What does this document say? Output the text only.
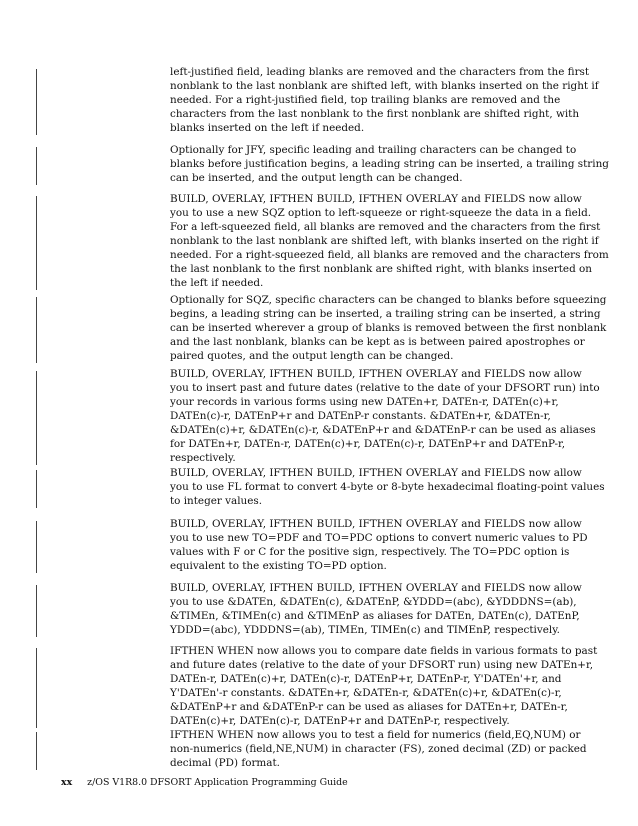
left-justified field, leading blanks are removed and the characters from the first
nonblank to the last nonblank are shifted left, with blanks inserted on the right if
needed. For a right-justified field, top trailing blanks are removed and the
characters from the last nonblank to the first nonblank are shifted right, with
blanks inserted on the left if needed.
Optionally for JFY, specific leading and trailing characters can be changed to
blanks before justification begins, a leading string can be inserted, a trailing string
can be inserted, and the output length can be changed.
BUILD, OVERLAY, IFTHEN BUILD, IFTHEN OVERLAY and FIELDS now allow
you to use a new SQZ option to left-squeeze or right-squeeze the data in a field.
For a left-squeezed field, all blanks are removed and the characters from the first
nonblank to the last nonblank are shifted left, with blanks inserted on the right if
needed. For a right-squeezed field, all blanks are removed and the characters from
the last nonblank to the first nonblank are shifted right, with blanks inserted on
the left if needed.
Optionally for SQZ, specific characters can be changed to blanks before squeezing
begins, a leading string can be inserted, a trailing string can be inserted, a string
can be inserted wherever a group of blanks is removed between the first nonblank
and the last nonblank, blanks can be kept as is between paired apostrophes or
paired quotes, and the output length can be changed.
BUILD, OVERLAY, IFTHEN BUILD, IFTHEN OVERLAY and FIELDS now allow
you to insert past and future dates (relative to the date of your DFSORT run) into
your records in various forms using new DATEn+r, DATEn-r, DATEn(c)+r,
DATEn(c)-r, DATEnP+r and DATEnP-r constants. &DATEn+r, &DATEn-r,
&DATEn(c)+r, &DATEn(c)-r, &DATEnP+r and &DATEnP-r can be used as aliases
for DATEn+r, DATEn-r, DATEn(c)+r, DATEn(c)-r, DATEnP+r and DATEnP-r,
respectively.
BUILD, OVERLAY, IFTHEN BUILD, IFTHEN OVERLAY and FIELDS now allow
you to use FL format to convert 4-byte or 8-byte hexadecimal floating-point values
to integer values.
BUILD, OVERLAY, IFTHEN BUILD, IFTHEN OVERLAY and FIELDS now allow
you to use new TO=PDF and TO=PDC options to convert numeric values to PD
values with F or C for the positive sign, respectively. The TO=PDC option is
equivalent to the existing TO=PD option.
BUILD, OVERLAY, IFTHEN BUILD, IFTHEN OVERLAY and FIELDS now allow
you to use &DATEn, &DATEn(c), &DATEnP, &YDDD=(abc), &YDDDNS=(ab),
&TIMEn, &TIMEn(c) and &TIMEnP as aliases for DATEn, DATEn(c), DATEnP,
YDDD=(abc), YDDDNS=(ab), TIMEn, TIMEn(c) and TIMEnP, respectively.
IFTHEN WHEN now allows you to compare date fields in various formats to past
and future dates (relative to the date of your DFSORT run) using new DATEn+r,
DATEn-r, DATEn(c)+r, DATEn(c)-r, DATEnP+r, DATEnP-r, Y'DATEn'+r, and
Y'DATEn'-r constants. &DATEn+r, &DATEn-r, &DATEn(c)+r, &DATEn(c)-r,
&DATEnP+r and &DATEnP-r can be used as aliases for DATEn+r, DATEn-r,
DATEn(c)+r, DATEn(c)-r, DATEnP+r and DATEnP-r, respectively.
IFTHEN WHEN now allows you to test a field for numerics (field,EQ,NUM) or
non-numerics (field,NE,NUM) in character (FS), zoned decimal (ZD) or packed
decimal (PD) format.
xx z/OS V1R8.0 DFSORT Application Programming Guide
